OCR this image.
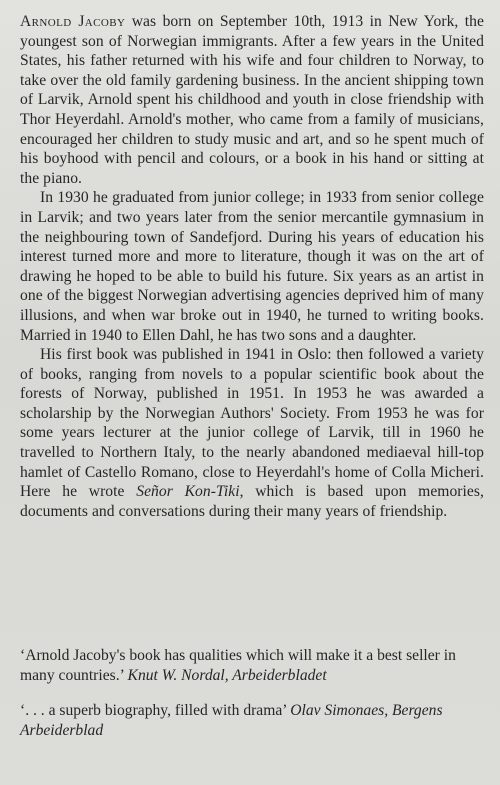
Arnold Jacoby was born on September 10th, 1913 in New York, the youngest son of Norwegian immigrants. After a few years in the United States, his father returned with his wife and four children to Norway, to take over the old family gardening business. In the ancient shipping town of Larvik, Arnold spent his childhood and youth in close friendship with Thor Heyerdahl. Arnold's mother, who came from a family of musicians, encouraged her children to study music and art, and so he spent much of his boyhood with pencil and colours, or a book in his hand or sitting at the piano.

In 1930 he graduated from junior college; in 1933 from senior college in Larvik; and two years later from the senior mercantile gymnasium in the neighbouring town of Sandefjord. During his years of education his interest turned more and more to literature, though it was on the art of drawing he hoped to be able to build his future. Six years as an artist in one of the biggest Norwegian advertising agencies deprived him of many illusions, and when war broke out in 1940, he turned to writing books. Married in 1940 to Ellen Dahl, he has two sons and a daughter.

His first book was published in 1941 in Oslo: then followed a variety of books, ranging from novels to a popular scientific book about the forests of Norway, published in 1951. In 1953 he was awarded a scholarship by the Norwegian Authors' Society. From 1953 he was for some years lecturer at the junior college of Larvik, till in 1960 he travelled to Northern Italy, to the nearly abandoned mediaeval hill-top hamlet of Castello Romano, close to Heyerdahl's home of Colla Micheri. Here he wrote Señor Kon-Tiki, which is based upon memories, documents and conversations during their many years of friendship.

‘Arnold Jacoby's book has qualities which will make it a best seller in many countries.’ Knut W. Nordal, Arbeiderbladet

‘. . . a superb biography, filled with drama’ Olav Simonaes, Bergens Arbeiderblad
